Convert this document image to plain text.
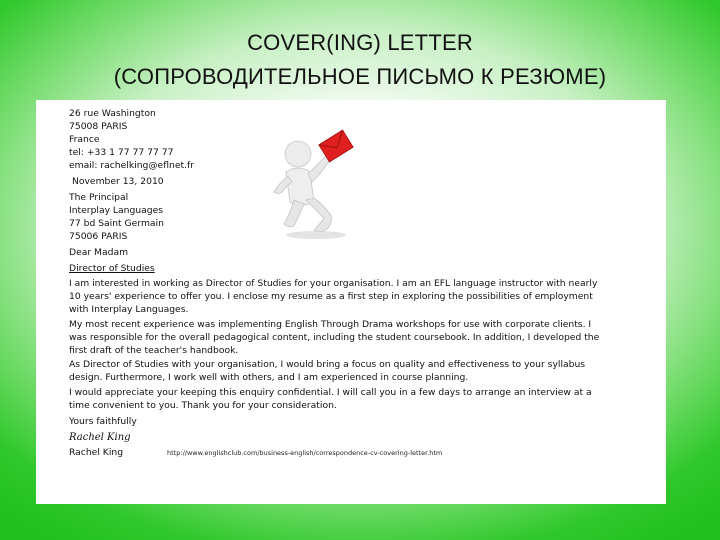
COVER(ING) LETTER
(СОПРОВОДИТЕЛЬНОЕ ПИСЬМО К РЕЗЮМЕ)
26 rue Washington
75008 PARIS
France
tel: +33 1 77 77 77 77
email: rachelking@eflnet.fr
November 13, 2010
The Principal
Interplay Languages
77 bd Saint Germain
75006 PARIS
Dear Madam
Director of Studies
I am interested in working as Director of Studies for your organisation. I am an EFL language instructor with nearly
10 years' experience to offer you. I enclose my resume as a first step in exploring the possibilities of employment
with Interplay Languages.
My most recent experience was implementing English Through Drama workshops for use with corporate clients. I
was responsible for the overall pedagogical content, including the student coursebook. In addition, I developed the
first draft of the teacher's handbook.
As Director of Studies with your organisation, I would bring a focus on quality and effectiveness to your syllabus
design. Furthermore, I work well with others, and I am experienced in course planning.
I would appreciate your keeping this enquiry confidential. I will call you in a few days to arrange an interview at a
time convenient to you. Thank you for your consideration.
Yours faithfully
Rachel King
Rachel King	http://www.englishclub.com/business-english/correspondence-cv-covering-letter.htm
